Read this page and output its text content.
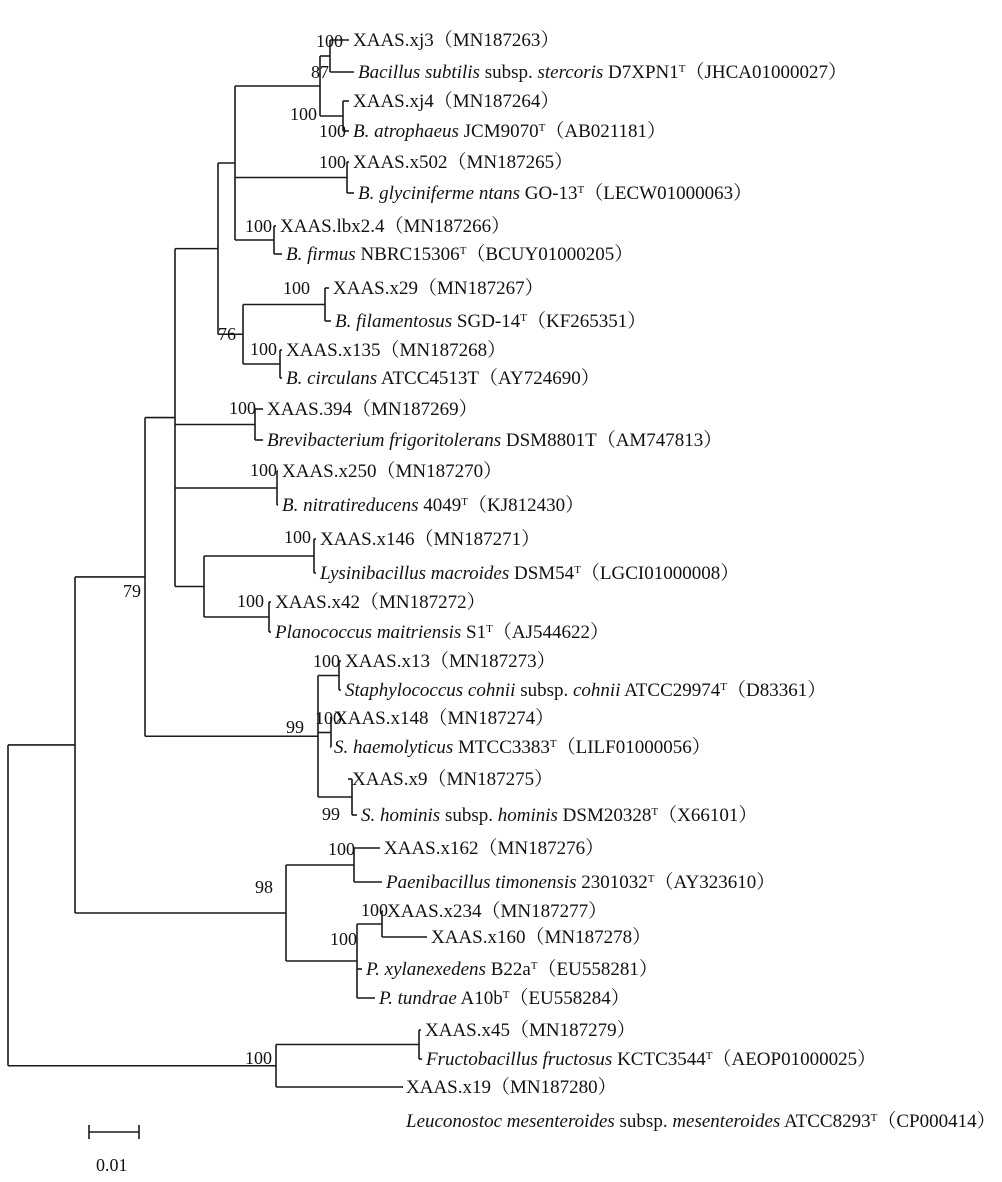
100
87
100
100
100
100
76
100
100
100
100
100
79	100
100
99 100
99
100
98
100
100
100
XAAS.xj3（MN187263）
Bacillus subtilis subsp. stercoris $D7XPN1^T(JHCA01000027)$
XAAS.xj4（MN187264）
B. atrophaeus $JCM9070^T(AB021181)$
XAAS.x502（MN187265）
B. glyciniferme ntans $GO-13^T(LECW01000063)$
XAAS.lbx2.4（MN187266）
B. firmus $NBRC15306^T(BCUY01000205)$
XAAS.x29（MN187267）
B. filamentosus SGD-$14^T(KF265351)$
XAAS.x135（MN187268）
B. circulans ATCC4513T（AY724690）
XAAS.394（MN187269）
Brevibacterium frigoritolerans DSM8801T（AM747813）
XAAS.x250（MN187270）
B. nitratireducens $4049^T(KJ812430)$
XAAS.x146（MN187271）
Lysinibacillus macroides $DSM54^T(LGCI01000008)$
XAAS.x42（MN187272）
Planococcus maitriensis $S1^T(AJ544622)$
XAAS.x13（MN187273）
Staphylococcus cohnii subsp. cohnii $ATCC29974^T(D83361)$
XAAS.x148（MN187274）
S. haemolyticus $MTCC3383^T(LILF01000056)$
XAAS.x9（MN187275）
S. hominis subsp. hominis $DSM20328^T(X66101)$
XAAS.x162（MN187276）
Paenibacillus timonensis $2301032^T(AY323610)$
XAAS.x234（MN187277）
XAAS.x160（MN187278）
P. xylanexedens $B22a^T(EU558281)$
P. tundrae $A10b^T(EU558284)$
XAAS.x45（MN187279）
Fructobacillus fructosus $KCTC3544^T(AEOP01000025)$
XAAS.x19（MN187280）
Leuconostoc mesenteroides subsp. mesenteroides $ATCC8293^T(CP000414)$
0.01
